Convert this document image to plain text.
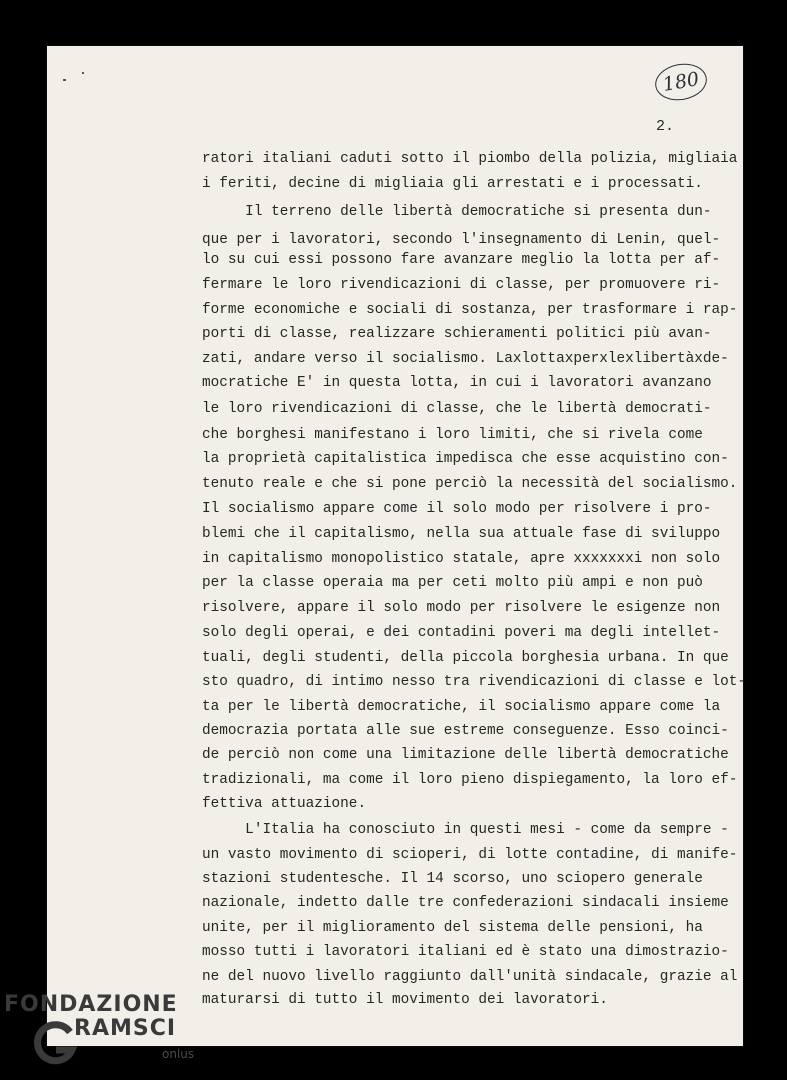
180
2.
ratori italiani caduti sotto il piombo della polizia, migliaia
i feriti, decine di migliaia gli arrestati e i processati.
Il terreno delle libertà democratiche si presenta dun-
que per i lavoratori, secondo l'insegnamento di Lenin, quel-
lo su cui essi possono fare avanzare meglio la lotta per af-
fermare le loro rivendicazioni di classe, per promuovere ri-
forme economiche e sociali di sostanza, per trasformare i rap-
porti di classe, realizzare schieramenti politici più avan-
zati, andare verso il socialismo. Laxlottaxperxlexlibertàxde-
mocratiche E' in questa lotta, in cui i lavoratori avanzano
le loro rivendicazioni di classe, che le libertà democrati-
che borghesi manifestano i loro limiti, che si rivela come
la proprietà capitalistica impedisca che esse acquistino con-
tenuto reale e che si pone perciò la necessità del socialismo.
Il socialismo appare come il solo modo per risolvere i pro-
blemi che il capitalismo, nella sua attuale fase di sviluppo
in capitalismo monopolistico statale, apre xxxxxxxi non solo
per la classe operaia ma per ceti molto più ampi e non può
risolvere, appare il solo modo per risolvere le esigenze non
solo degli operai, e dei contadini poveri ma degli intellet-
tuali, degli studenti, della piccola borghesia urbana. In que
sto quadro, di intimo nesso tra rivendicazioni di classe e lot-
ta per le libertà democratiche, il socialismo appare come la
democrazia portata alle sue estreme conseguenze. Esso coinci-
de perciò non come una limitazione delle libertà democratiche
tradizionali, ma come il loro pieno dispiegamento, la loro ef-
fettiva attuazione.
L'Italia ha conosciuto in questi mesi - come da sempre -
un vasto movimento di scioperi, di lotte contadine, di manife-
stazioni studentesche. Il 14 scorso, uno sciopero generale
nazionale, indetto dalle tre confederazioni sindacali insieme
unite, per il miglioramento del sistema delle pensioni, ha
mosso tutti i lavoratori italiani ed è stato una dimostrazio-
ne del nuovo livello raggiunto dall'unità sindacale, grazie al
maturarsi di tutto il movimento dei lavoratori.
FONDAZIONE
RAMSCI
onlus
